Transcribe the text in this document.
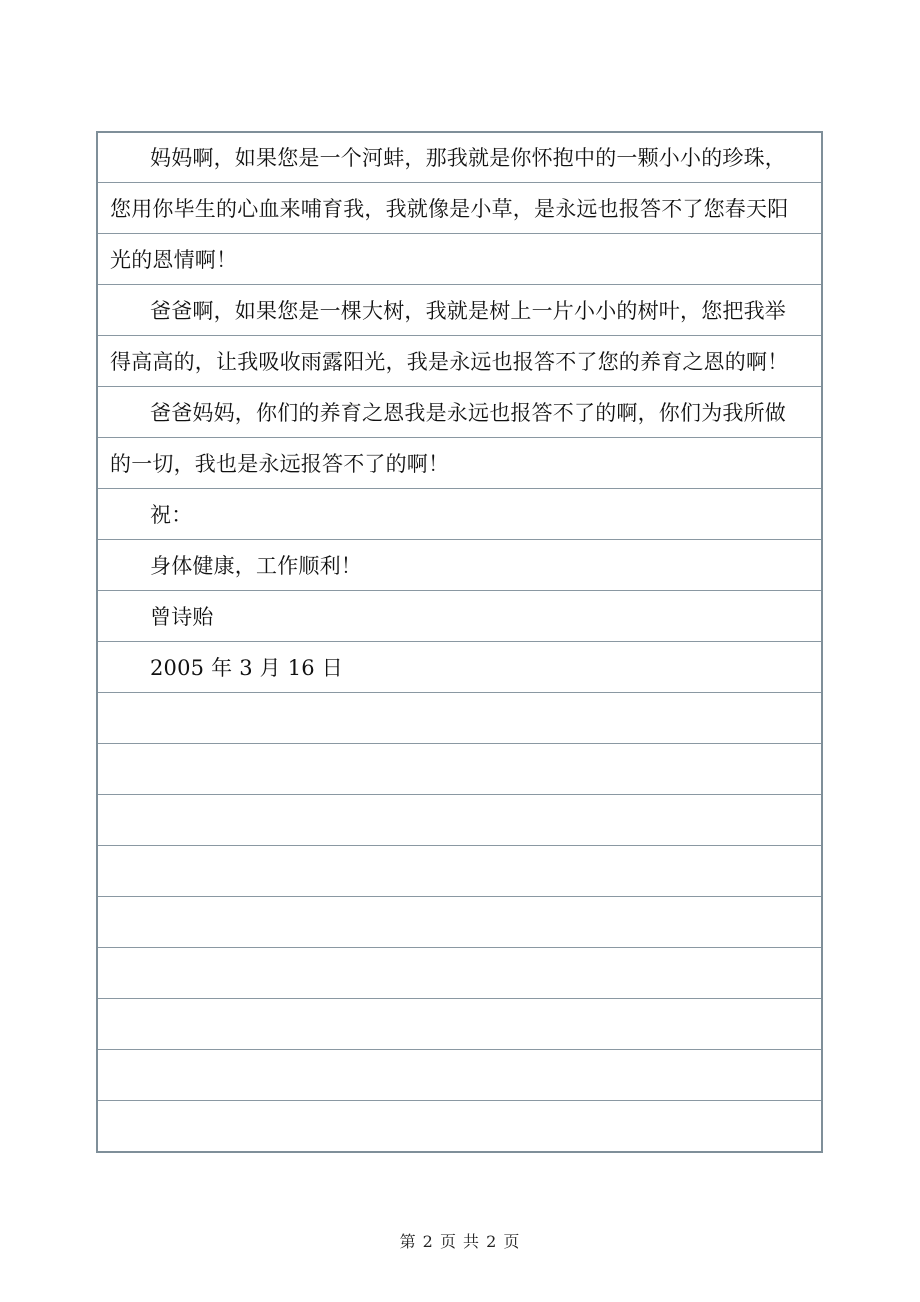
妈妈啊，如果您是一个河蚌，那我就是你怀抱中的一颗小小的珍珠，
您用你毕生的心血来哺育我，我就像是小草，是永远也报答不了您春天阳
光的恩情啊！
爸爸啊，如果您是一棵大树，我就是树上一片小小的树叶，您把我举
得高高的，让我吸收雨露阳光，我是永远也报答不了您的养育之恩的啊！
爸爸妈妈，你们的养育之恩我是永远也报答不了的啊，你们为我所做
的一切，我也是永远报答不了的啊！
祝：
身体健康，工作顺利！
曾诗贻
2005 年 3 月 16 日
第 2 页 共 2 页
